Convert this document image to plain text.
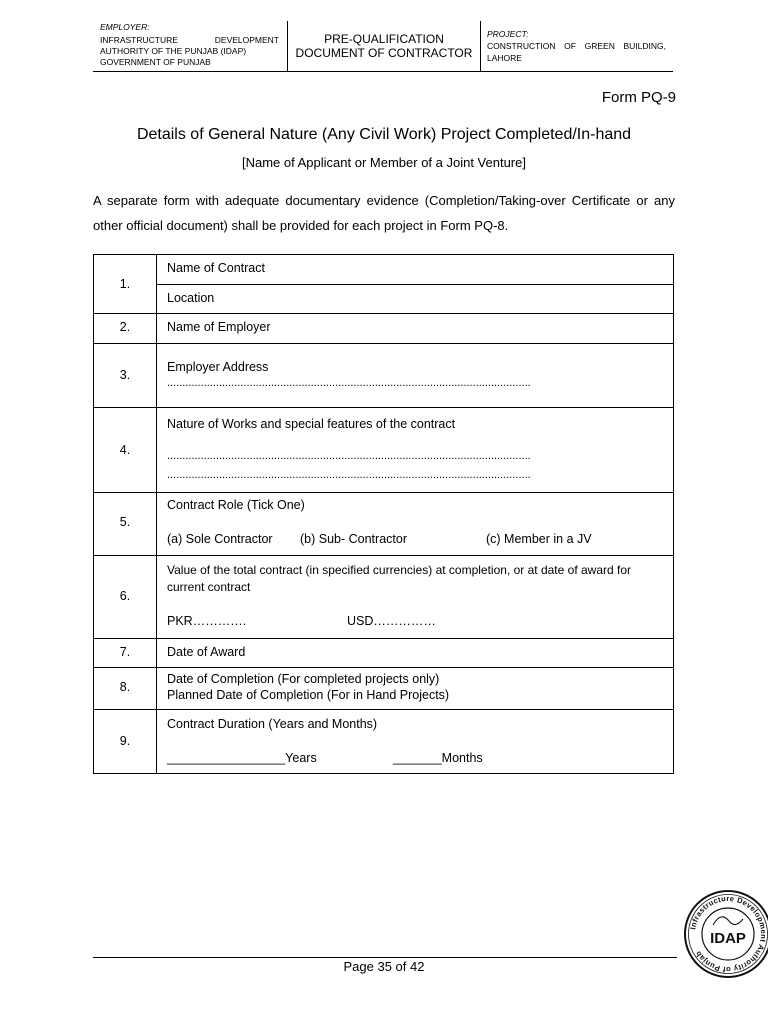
EMPLOYER:
INFRASTRUCTURE DEVELOPMENT
AUTHORITY OF THE PUNJAB (IDAP)
GOVERNMENT OF PUNJAB
PRE-QUALIFICATION
DOCUMENT OF CONTRACTOR
PROJECT:
CONSTRUCTION OF GREEN BUILDING,
LAHORE
Form PQ-9
Details of General Nature (Any Civil Work) Project Completed/In-hand
[Name of Applicant or Member of a Joint Venture]
A separate form with adequate documentary evidence (Completion/Taking-over Certificate or any
other official document) shall be provided for each project in Form PQ-8.
1.
Name of Contract
Location
2.	Name of Employer
3.
Employer Address
.......................................................................................................................
4.
Nature of Works and special features of the contract
.......................................................................................................................
.......................................................................................................................
5.
Contract Role (Tick One)
(a) Sole Contractor (b) Sub- Contractor	(c) Member in a JV
6.
Value of the total contract (in specified currencies) at completion, or at date of award for
current contract
PKR………….	USD……………
7.	Date of Award
8.
Date of Completion (For completed projects only)
Planned Date of Completion (For in Hand Projects)
9.
Contract Duration (Years and Months)
_________________Years	_______Months
Page 35 of 42
Infrastructure Development Authority of Punjab
IDAP
